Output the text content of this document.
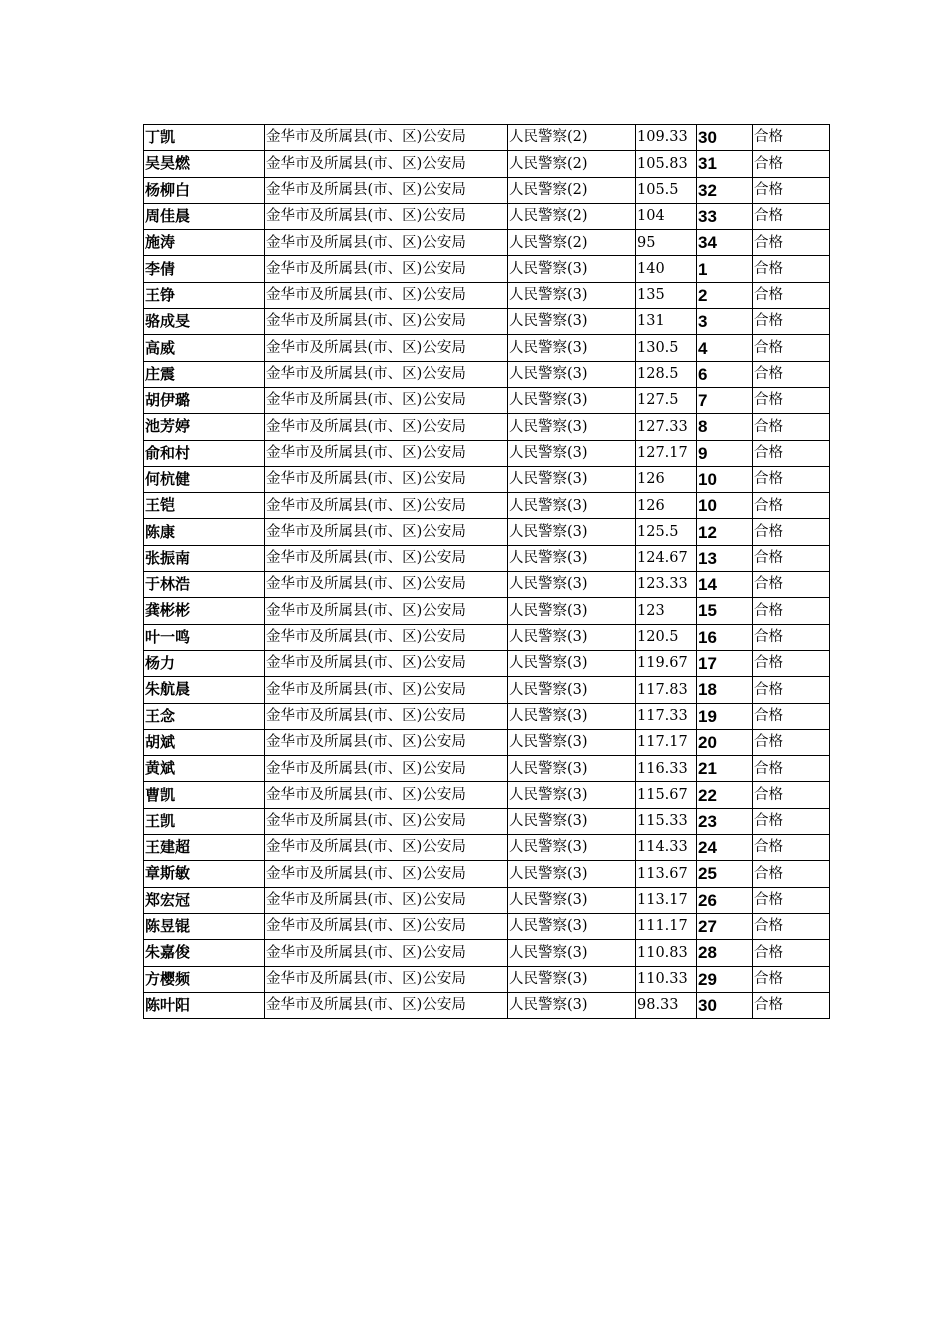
丁凯	金华市及所属县(市、区)公安局	人民警察(2)	109.33	30	合格
吴昊燃	金华市及所属县(市、区)公安局	人民警察(2)	105.83	31	合格
杨柳白	金华市及所属县(市、区)公安局	人民警察(2)	105.5	32	合格
周佳晨	金华市及所属县(市、区)公安局	人民警察(2)	104	33	合格
施涛	金华市及所属县(市、区)公安局	人民警察(2)	95	34	合格
李倩	金华市及所属县(市、区)公安局	人民警察(3)	140	1	合格
王铮	金华市及所属县(市、区)公安局	人民警察(3)	135	2	合格
骆成旻	金华市及所属县(市、区)公安局	人民警察(3)	131	3	合格
高威	金华市及所属县(市、区)公安局	人民警察(3)	130.5	4	合格
庄震	金华市及所属县(市、区)公安局	人民警察(3)	128.5	6	合格
胡伊璐	金华市及所属县(市、区)公安局	人民警察(3)	127.5	7	合格
池芳婷	金华市及所属县(市、区)公安局	人民警察(3)	127.33	8	合格
俞和村	金华市及所属县(市、区)公安局	人民警察(3)	127.17	9	合格
何杭健	金华市及所属县(市、区)公安局	人民警察(3)	126	10	合格
王铠	金华市及所属县(市、区)公安局	人民警察(3)	126	10	合格
陈康	金华市及所属县(市、区)公安局	人民警察(3)	125.5	12	合格
张振南	金华市及所属县(市、区)公安局	人民警察(3)	124.67	13	合格
于林浩	金华市及所属县(市、区)公安局	人民警察(3)	123.33	14	合格
龚彬彬	金华市及所属县(市、区)公安局	人民警察(3)	123	15	合格
叶一鸣	金华市及所属县(市、区)公安局	人民警察(3)	120.5	16	合格
杨力	金华市及所属县(市、区)公安局	人民警察(3)	119.67	17	合格
朱航晨	金华市及所属县(市、区)公安局	人民警察(3)	117.83	18	合格
王念	金华市及所属县(市、区)公安局	人民警察(3)	117.33	19	合格
胡斌	金华市及所属县(市、区)公安局	人民警察(3)	117.17	20	合格
黄斌	金华市及所属县(市、区)公安局	人民警察(3)	116.33	21	合格
曹凯	金华市及所属县(市、区)公安局	人民警察(3)	115.67	22	合格
王凯	金华市及所属县(市、区)公安局	人民警察(3)	115.33	23	合格
王建超	金华市及所属县(市、区)公安局	人民警察(3)	114.33	24	合格
章斯敏	金华市及所属县(市、区)公安局	人民警察(3)	113.67	25	合格
郑宏冠	金华市及所属县(市、区)公安局	人民警察(3)	113.17	26	合格
陈昱锟	金华市及所属县(市、区)公安局	人民警察(3)	111.17	27	合格
朱嘉俊	金华市及所属县(市、区)公安局	人民警察(3)	110.83	28	合格
方樱频	金华市及所属县(市、区)公安局	人民警察(3)	110.33	29	合格
陈叶阳	金华市及所属县(市、区)公安局	人民警察(3)	98.33	30	合格
